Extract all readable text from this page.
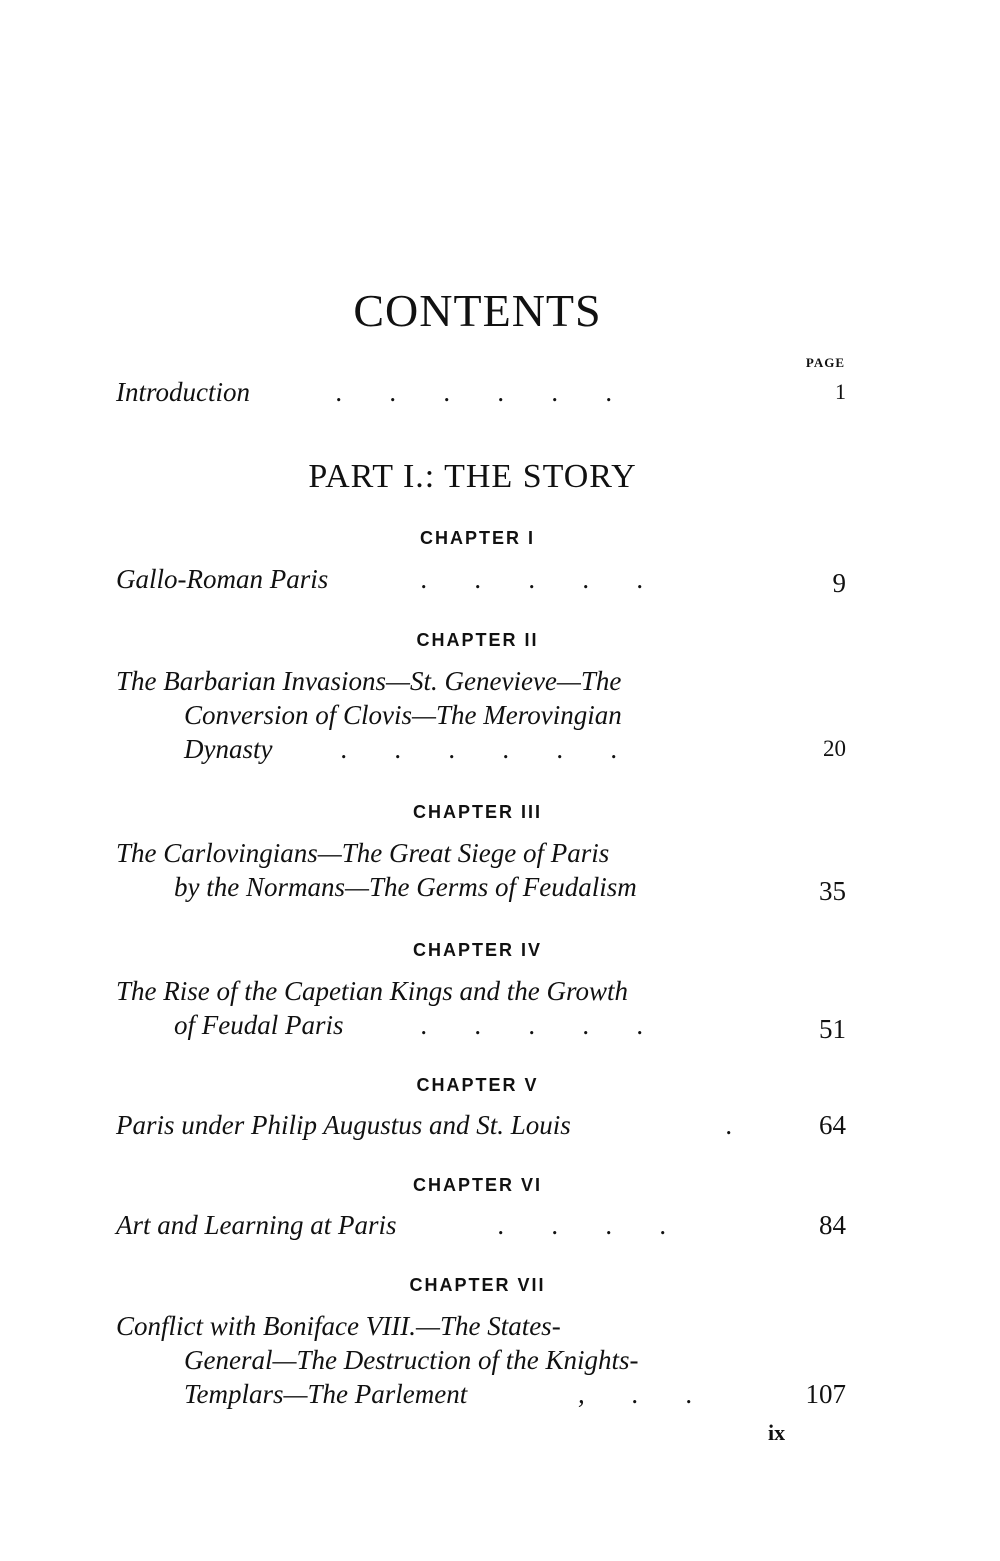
CONTENTS
PAGE
Introduction	.       .       .       .       .       .	1
PART I.: THE STORY
CHAPTER I
Gallo-Roman Paris	.       .       .       .       .	9
CHAPTER II
The Barbarian Invasions—St. Genevieve—The
Conversion of Clovis—The Merovingian
Dynasty	.       .       .       .       .       .	20
CHAPTER III
The Carlovingians—The Great Siege of Paris
by the Normans—The Germs of Feudalism	35
CHAPTER IV
The Rise of the Capetian Kings and the Growth
of Feudal Paris	.       .       .       .       .	51
CHAPTER V
Paris under Philip Augustus and St. Louis	.	64
CHAPTER VI
Art and Learning at Paris	.       .       .       .	84
CHAPTER VII
Conflict with Boniface VIII.—The States-
General—The Destruction of the Knights-
Templars—The Parlement	,       .       .	107
ix
